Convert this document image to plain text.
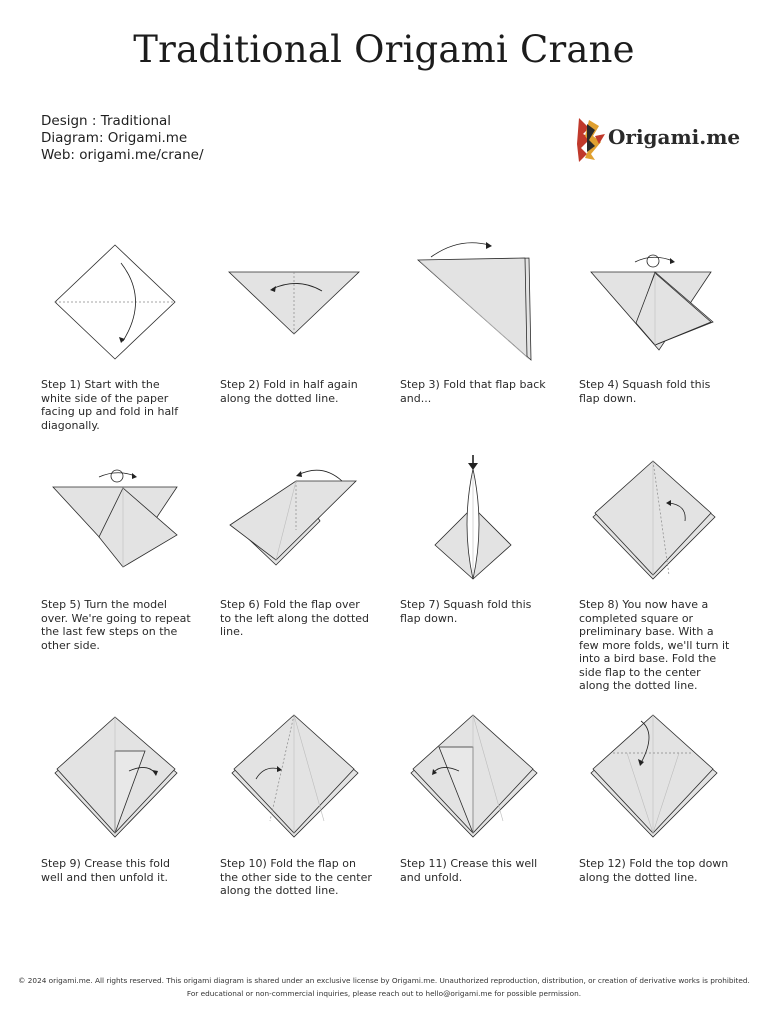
Traditional Origami Crane
Design : Traditional
Diagram: Origami.me
Web: origami.me/crane/
Origami.me
Step 1) Start with the white side of the paper facing up and fold in half diagonally.
Step 2) Fold in half again along the dotted line.
Step 3) Fold that flap back and...
Step 4) Squash fold this flap down.
Step 5) Turn the model over. We're going to repeat the last few steps on the other side.
Step 6) Fold the flap over to the left along the dotted line.
Step 7) Squash fold this flap down.
Step 8) You now have a completed square or preliminary base. With a few more folds, we'll turn it into a bird base. Fold the side flap to the center along the dotted line.
Step 9) Crease this fold well and then unfold it.
Step 10) Fold the flap on the other side to the center along the dotted line.
Step 11) Crease this well and unfold.
Step 12) Fold the top down along the dotted line.
© 2024 origami.me. All rights reserved. This origami diagram is shared under an exclusive license by Origami.me. Unauthorized reproduction, distribution, or creation of derivative works is prohibited.
For educational or non-commercial inquiries, please reach out to hello@origami.me for possible permission.
